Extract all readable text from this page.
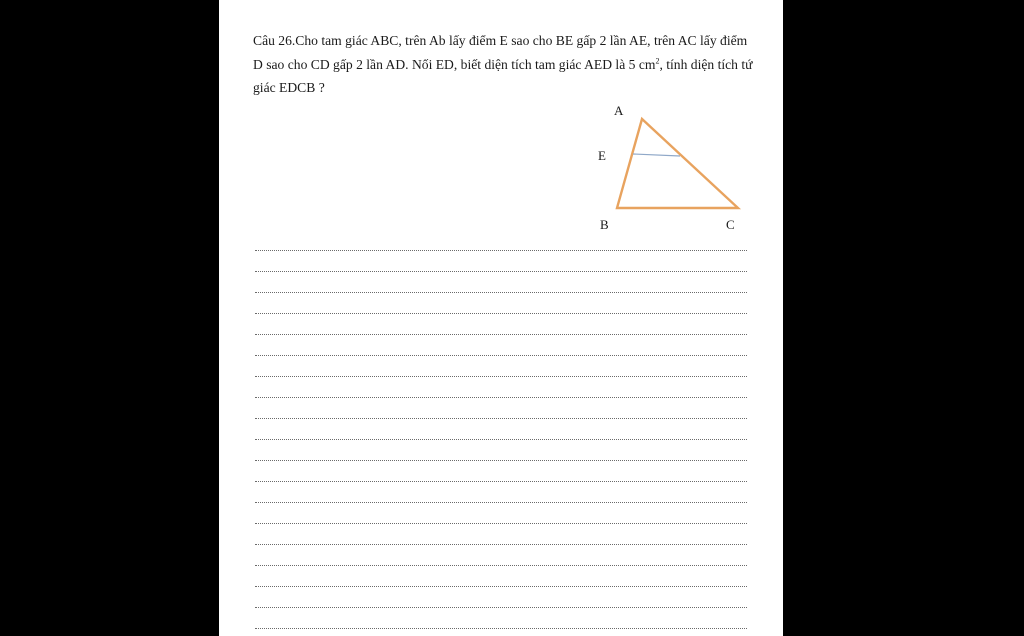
Câu 26.Cho tam giác ABC, trên Ab lấy điểm E sao cho BE gấp 2 lần AE, trên AC lấy điểm
D sao cho CD gấp 2 lần AD. Nối ED, biết diện tích tam giác AED là 5 $cm^2$, tính diện tích tứ
giác EDCB ?

A
E
B	C
